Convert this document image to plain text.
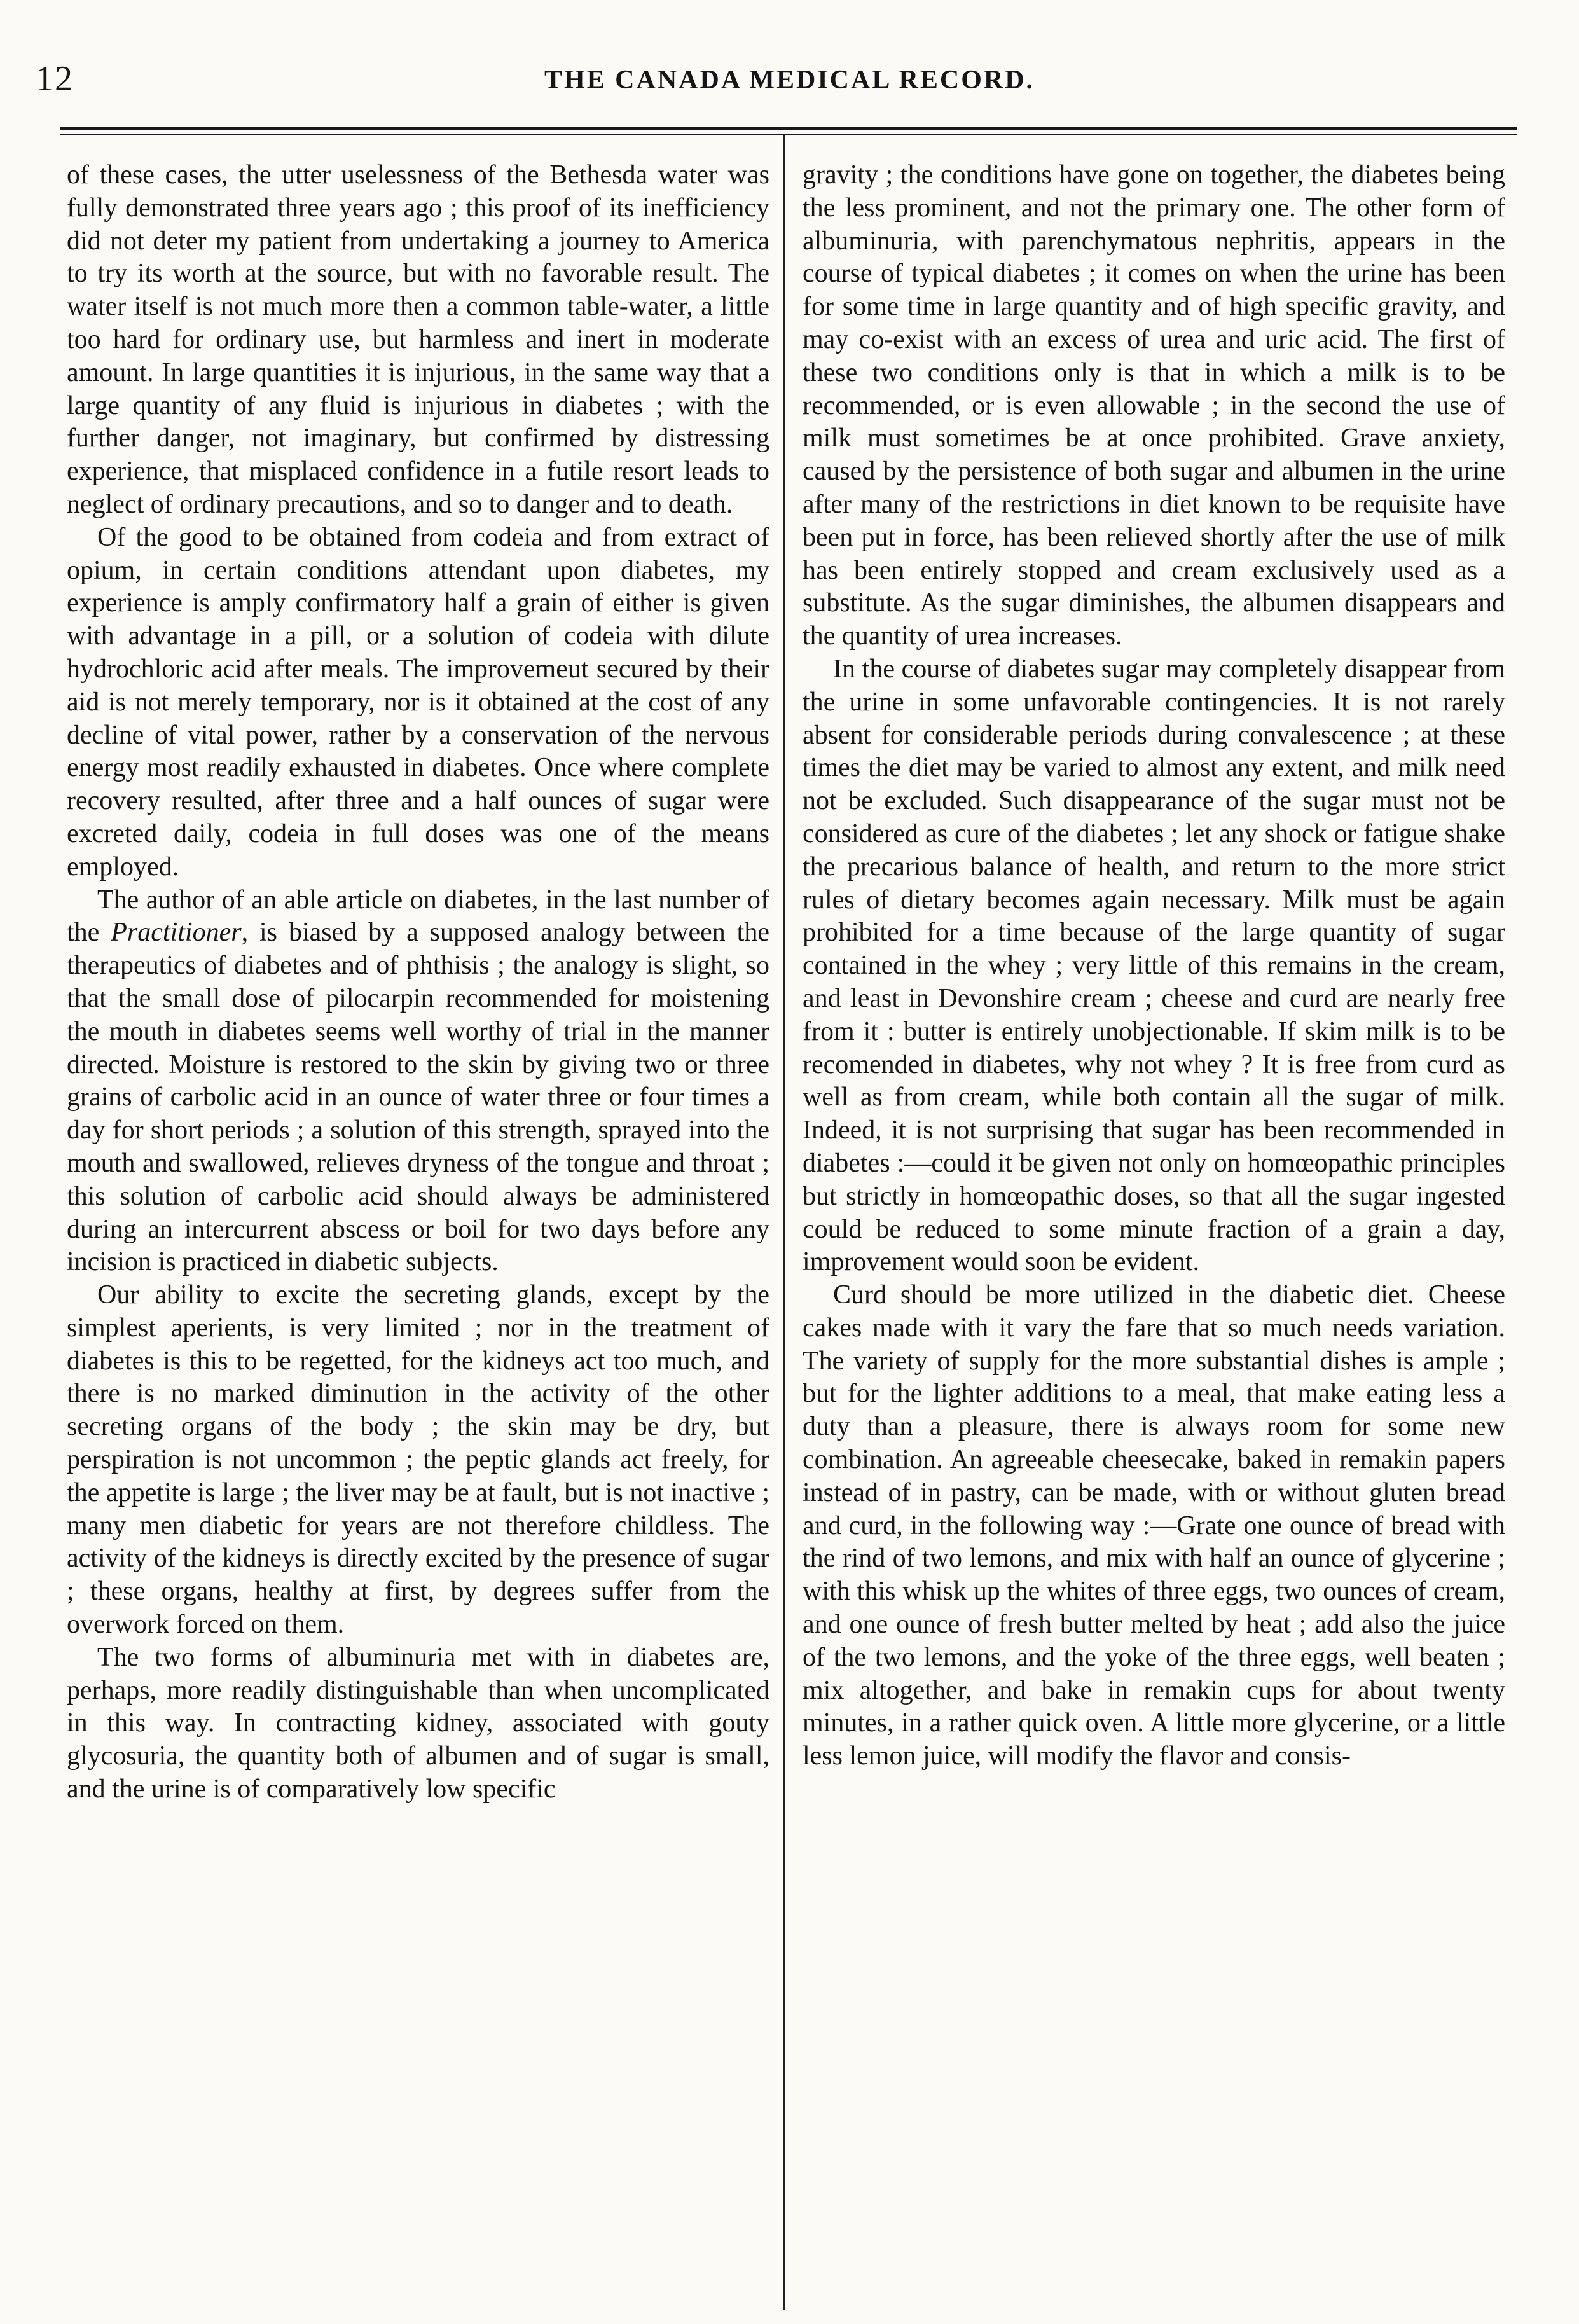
12	THE CANADA MEDICAL RECORD.

of these cases, the utter uselessness of the Bethesda water was fully demonstrated three years ago ; this proof of its inefficiency did not deter my patient from undertaking a journey to America to try its worth at the source, but with no favorable result. The water itself is not much more then a common table-water, a little too hard for ordinary use, but harmless and inert in moderate amount. In large quantities it is injurious, in the same way that a large quantity of any fluid is injurious in diabetes ; with the further danger, not imaginary, but confirmed by distressing experience, that misplaced confidence in a futile resort leads to neglect of ordinary precautions, and so to danger and to death.

Of the good to be obtained from codeia and from extract of opium, in certain conditions attendant upon diabetes, my experience is amply confirmatory half a grain of either is given with advantage in a pill, or a solution of codeia with dilute hydrochloric acid after meals. The improvemeut secured by their aid is not merely temporary, nor is it obtained at the cost of any decline of vital power, rather by a conservation of the nervous energy most readily exhausted in diabetes. Once where complete recovery resulted, after three and a half ounces of sugar were excreted daily, codeia in full doses was one of the means employed.

The author of an able article on diabetes, in the last number of the Practitioner, is biased by a supposed analogy between the therapeutics of diabetes and of phthisis ; the analogy is slight, so that the small dose of pilocarpin recommended for moistening the mouth in diabetes seems well worthy of trial in the manner directed. Moisture is restored to the skin by giving two or three grains of carbolic acid in an ounce of water three or four times a day for short periods ; a solution of this strength, sprayed into the mouth and swallowed, relieves dryness of the tongue and throat ; this solution of carbolic acid should always be administered during an intercurrent abscess or boil for two days before any incision is practiced in diabetic subjects.

Our ability to excite the secreting glands, except by the simplest aperients, is very limited ; nor in the treatment of diabetes is this to be regetted, for the kidneys act too much, and there is no marked diminution in the activity of the other secreting organs of the body ; the skin may be dry, but perspiration is not uncommon ; the peptic glands act freely, for the appetite is large ; the liver may be at fault, but is not inactive ; many men diabetic for years are not therefore childless. The activity of the kidneys is directly excited by the presence of sugar ; these organs, healthy at first, by degrees suffer from the overwork forced on them.

The two forms of albuminuria met with in diabetes are, perhaps, more readily distinguishable than when uncomplicated in this way. In contracting kidney, associated with gouty glycosuria, the quantity both of albumen and of sugar is small, and the urine is of comparatively low specific

gravity ; the conditions have gone on together, the diabetes being the less prominent, and not the primary one. The other form of albuminuria, with parenchymatous nephritis, appears in the course of typical diabetes ; it comes on when the urine has been for some time in large quantity and of high specific gravity, and may co-exist with an excess of urea and uric acid. The first of these two conditions only is that in which a milk is to be recommended, or is even allowable ; in the second the use of milk must sometimes be at once prohibited. Grave anxiety, caused by the persistence of both sugar and albumen in the urine after many of the restrictions in diet known to be requisite have been put in force, has been relieved shortly after the use of milk has been entirely stopped and cream exclusively used as a substitute. As the sugar diminishes, the albumen disappears and the quantity of urea increases.

In the course of diabetes sugar may completely disappear from the urine in some unfavorable contingencies. It is not rarely absent for considerable periods during convalescence ; at these times the diet may be varied to almost any extent, and milk need not be excluded. Such disappearance of the sugar must not be considered as cure of the diabetes ; let any shock or fatigue shake the precarious balance of health, and return to the more strict rules of dietary becomes again necessary. Milk must be again prohibited for a time because of the large quantity of sugar contained in the whey ; very little of this remains in the cream, and least in Devonshire cream ; cheese and curd are nearly free from it : butter is entirely unobjectionable. If skim milk is to be recomended in diabetes, why not whey ? It is free from curd as well as from cream, while both contain all the sugar of milk. Indeed, it is not surprising that sugar has been recommended in diabetes :—could it be given not only on homœopathic principles but strictly in homœopathic doses, so that all the sugar ingested could be reduced to some minute fraction of a grain a day, improvement would soon be evident.

Curd should be more utilized in the diabetic diet. Cheese cakes made with it vary the fare that so much needs variation. The variety of supply for the more substantial dishes is ample ; but for the lighter additions to a meal, that make eating less a duty than a pleasure, there is always room for some new combination. An agreeable cheesecake, baked in remakin papers instead of in pastry, can be made, with or without gluten bread and curd, in the following way :—Grate one ounce of bread with the rind of two lemons, and mix with half an ounce of glycerine ; with this whisk up the whites of three eggs, two ounces of cream, and one ounce of fresh butter melted by heat ; add also the juice of the two lemons, and the yoke of the three eggs, well beaten ; mix altogether, and bake in remakin cups for about twenty minutes, in a rather quick oven. A little more glycerine, or a little less lemon juice, will modify the flavor and consis-
